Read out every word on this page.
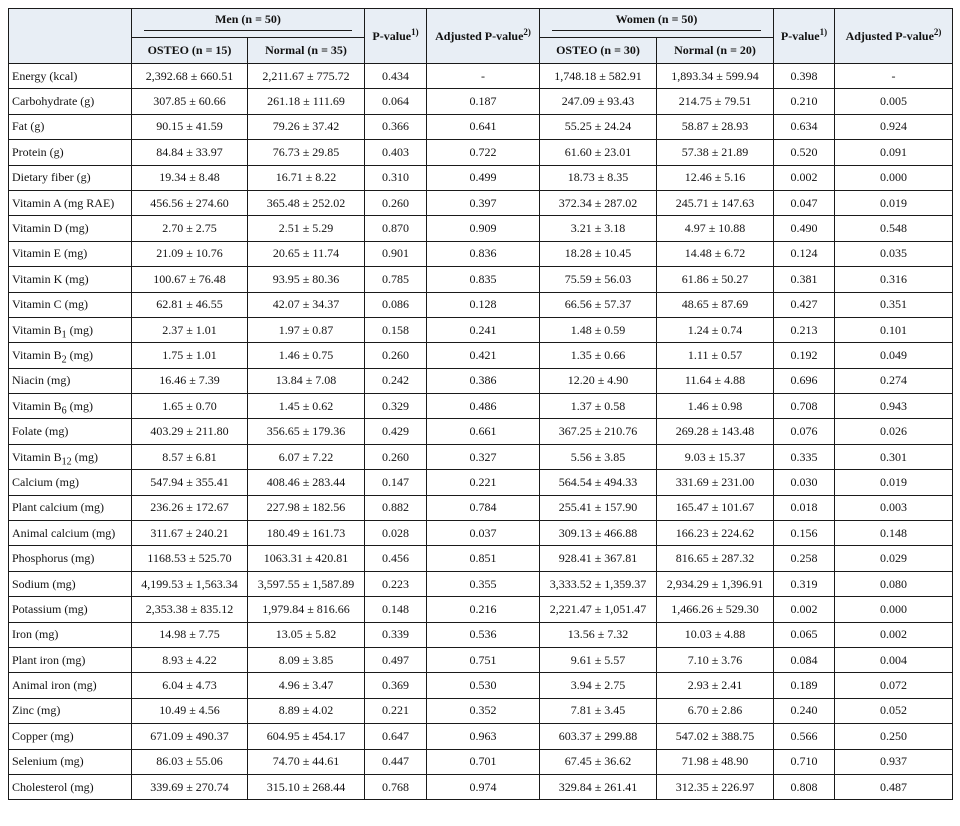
	Men (n = 50)		P-value$^{1)}$	Adjusted P-value$^{2)}$	Women (n = 50)		P-value$^{1)}$	Adjusted P-value$^{2)}$
	OSTEO (n = 15)	Normal (n = 35)			OSTEO (n = 30)	Normal (n = 20)		
Energy (kcal)	2,392.68 ± 660.51	2,211.67 ± 775.72	0.434	-	1,748.18 ± 582.91	1,893.34 ± 599.94	0.398	-
Carbohydrate (g)	307.85 ± 60.66	261.18 ± 111.69	0.064	0.187	247.09 ± 93.43	214.75 ± 79.51	0.210	0.005
Fat (g)	90.15 ± 41.59	79.26 ± 37.42	0.366	0.641	55.25 ± 24.24	58.87 ± 28.93	0.634	0.924
Protein (g)	84.84 ± 33.97	76.73 ± 29.85	0.403	0.722	61.60 ± 23.01	57.38 ± 21.89	0.520	0.091
Dietary fiber (g)	19.34 ± 8.48	16.71 ± 8.22	0.310	0.499	18.73 ± 8.35	12.46 ± 5.16	0.002	0.000
Vitamin A (mg RAE)	456.56 ± 274.60	365.48 ± 252.02	0.260	0.397	372.34 ± 287.02	245.71 ± 147.63	0.047	0.019
Vitamin D (mg)	2.70 ± 2.75	2.51 ± 5.29	0.870	0.909	3.21 ± 3.18	4.97 ± 10.88	0.490	0.548
Vitamin E (mg)	21.09 ± 10.76	20.65 ± 11.74	0.901	0.836	18.28 ± 10.45	14.48 ± 6.72	0.124	0.035
Vitamin K (mg)	100.67 ± 76.48	93.95 ± 80.36	0.785	0.835	75.59 ± 56.03	61.86 ± 50.27	0.381	0.316
Vitamin C (mg)	62.81 ± 46.55	42.07 ± 34.37	0.086	0.128	66.56 ± 57.37	48.65 ± 87.69	0.427	0.351
Vitamin $B_1$ (mg)	2.37 ± 1.01	1.97 ± 0.87	0.158	0.241	1.48 ± 0.59	1.24 ± 0.74	0.213	0.101
Vitamin $B_2$ (mg)	1.75 ± 1.01	1.46 ± 0.75	0.260	0.421	1.35 ± 0.66	1.11 ± 0.57	0.192	0.049
Niacin (mg)	16.46 ± 7.39	13.84 ± 7.08	0.242	0.386	12.20 ± 4.90	11.64 ± 4.88	0.696	0.274
Vitamin $B_6$ (mg)	1.65 ± 0.70	1.45 ± 0.62	0.329	0.486	1.37 ± 0.58	1.46 ± 0.98	0.708	0.943
Folate (mg)	403.29 ± 211.80	356.65 ± 179.36	0.429	0.661	367.25 ± 210.76	269.28 ± 143.48	0.076	0.026
Vitamin $B_{12}$ (mg)	8.57 ± 6.81	6.07 ± 7.22	0.260	0.327	5.56 ± 3.85	9.03 ± 15.37	0.335	0.301
Calcium (mg)	547.94 ± 355.41	408.46 ± 283.44	0.147	0.221	564.54 ± 494.33	331.69 ± 231.00	0.030	0.019
Plant calcium (mg)	236.26 ± 172.67	227.98 ± 182.56	0.882	0.784	255.41 ± 157.90	165.47 ± 101.67	0.018	0.003
Animal calcium (mg)	311.67 ± 240.21	180.49 ± 161.73	0.028	0.037	309.13 ± 466.88	166.23 ± 224.62	0.156	0.148
Phosphorus (mg)	1168.53 ± 525.70	1063.31 ± 420.81	0.456	0.851	928.41 ± 367.81	816.65 ± 287.32	0.258	0.029
Sodium (mg)	4,199.53 ± 1,563.34	3,597.55 ± 1,587.89	0.223	0.355	3,333.52 ± 1,359.37	2,934.29 ± 1,396.91	0.319	0.080
Potassium (mg)	2,353.38 ± 835.12	1,979.84 ± 816.66	0.148	0.216	2,221.47 ± 1,051.47	1,466.26 ± 529.30	0.002	0.000
Iron (mg)	14.98 ± 7.75	13.05 ± 5.82	0.339	0.536	13.56 ± 7.32	10.03 ± 4.88	0.065	0.002
Plant iron (mg)	8.93 ± 4.22	8.09 ± 3.85	0.497	0.751	9.61 ± 5.57	7.10 ± 3.76	0.084	0.004
Animal iron (mg)	6.04 ± 4.73	4.96 ± 3.47	0.369	0.530	3.94 ± 2.75	2.93 ± 2.41	0.189	0.072
Zinc (mg)	10.49 ± 4.56	8.89 ± 4.02	0.221	0.352	7.81 ± 3.45	6.70 ± 2.86	0.240	0.052
Copper (mg)	671.09 ± 490.37	604.95 ± 454.17	0.647	0.963	603.37 ± 299.88	547.02 ± 388.75	0.566	0.250
Selenium (mg)	86.03 ± 55.06	74.70 ± 44.61	0.447	0.701	67.45 ± 36.62	71.98 ± 48.90	0.710	0.937
Cholesterol (mg)	339.69 ± 270.74	315.10 ± 268.44	0.768	0.974	329.84 ± 261.41	312.35 ± 226.97	0.808	0.487
